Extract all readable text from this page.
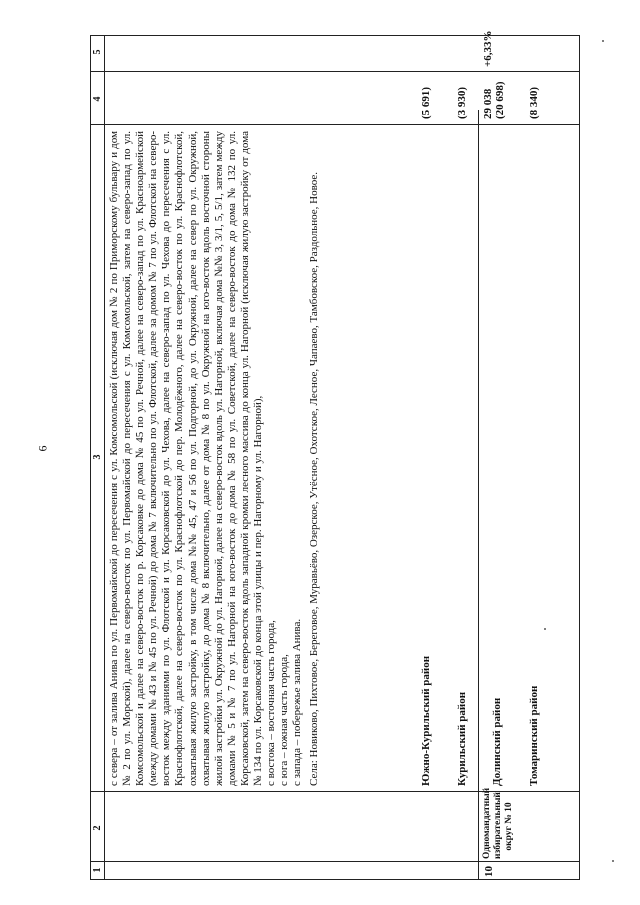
6
1
2
3
4
5

с севера – от залива Анива по ул. Первомайской до пересечения с ул. Комсомольской (исключая дом № 2 по Приморскому бульвару и дом № 2 по ул. Морской), далее на северо-восток по ул. Первомайской до пересечения с ул. Комсомольской, затем на северо-запад по ул. Комсомольской и далее на северо-восток по р. Корсаковке до дома № 45 по ул. Речной, далее на северо-запад по ул. Красноармейской (между домами № 43 и № 45 по ул. Речной) до дома № 7 включительно по ул. Флотской, далее за домом № 7 по ул. Флотской на северо-восток между зданиями по ул. Флотской и ул. Корсаковской до ул. Чехова, далее на северо-запад по ул. Чехова до пересечения с ул. Краснофлотской, далее на северо-восток по ул. Краснофлотской до пер. Молодёжного, далее на северо-восток по ул. Краснофлотской, охватывая жилую застройку, в том числе дома №№ 45, 47 и 56 по ул. Подгорной, до ул. Окружной, далее на север по ул. Окружной, охватывая жилую застройку, до дома № 8 включительно, далее от дома № 8 по ул. Окружной на юго-восток вдоль восточной стороны жилой застройки ул. Окружной до ул. Нагорной, далее на северо-восток вдоль ул. Нагорной, включая дома №№ 3, 3/1, 5, 5/1, затем между домами № 5 и № 7 по ул. Нагорной на юго-восток до дома № 58 по ул. Советской, далее на северо-восток до дома № 132 по ул. Корсаковской, затем на северо-восток вдоль западной кромки лесного массива до конца ул. Нагорной (исключая жилую застройку от дома № 134 по ул. Корсаковской до конца этой улицы и пер. Нагорному и ул. Нагорной), с востока – восточная часть города, с юга – южная часть города, с запада – побережье залива Анива. Села: Новиково, Пихтовое, Береговое, Муравьёво, Озерское, Утёсное, Охотское, Лесное, Чапаево, Тамбовское, Раздольное, Новое.	Южно-Курильский район
(5 691)
Курильский район
(3 930)
10
Одномандатный избирательный округ № 10
Долинский район
29 038 (20 698)
+6,33%
Томаринский район
(8 340)
